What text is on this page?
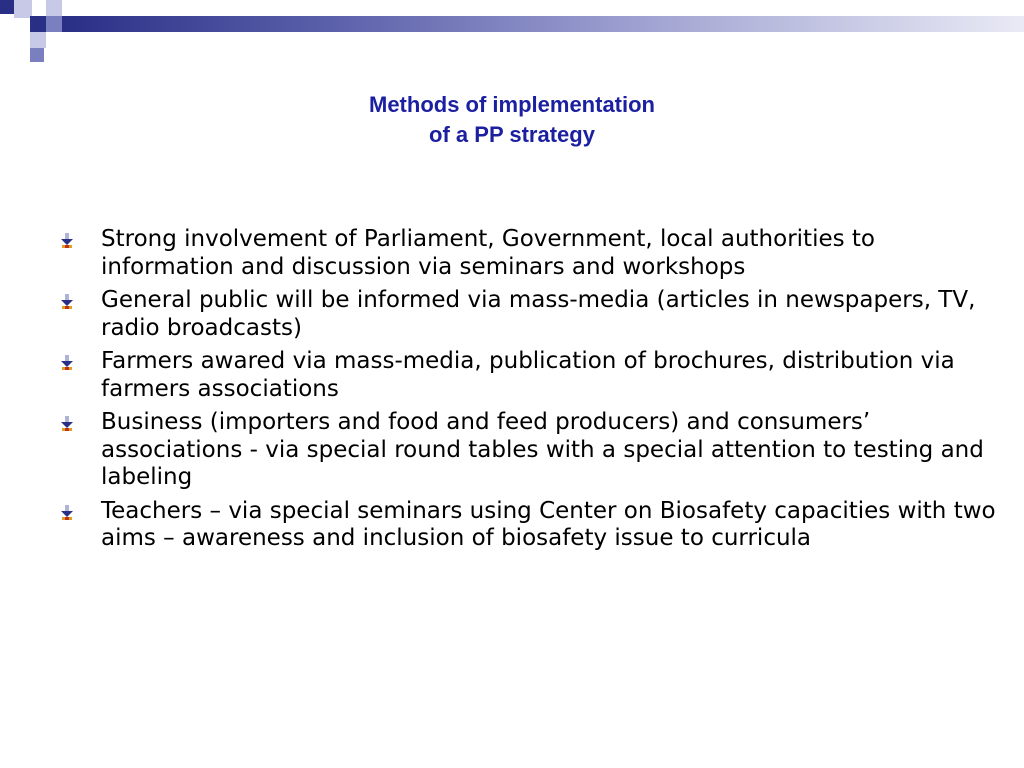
Methods of implementation
of a PP strategy
Strong involvement of Parliament, Government, local authorities to information and discussion via seminars and workshops
General public will be informed via mass-media (articles in newspapers, TV, radio broadcasts)
Farmers awared via mass-media, publication of brochures, distribution via farmers associations
Business (importers and food and feed producers) and consumers’ associations - via special round tables with a special attention to testing and labeling
Teachers – via special seminars using Center on Biosafety capacities with two aims – awareness and inclusion of biosafety issue to curricula
